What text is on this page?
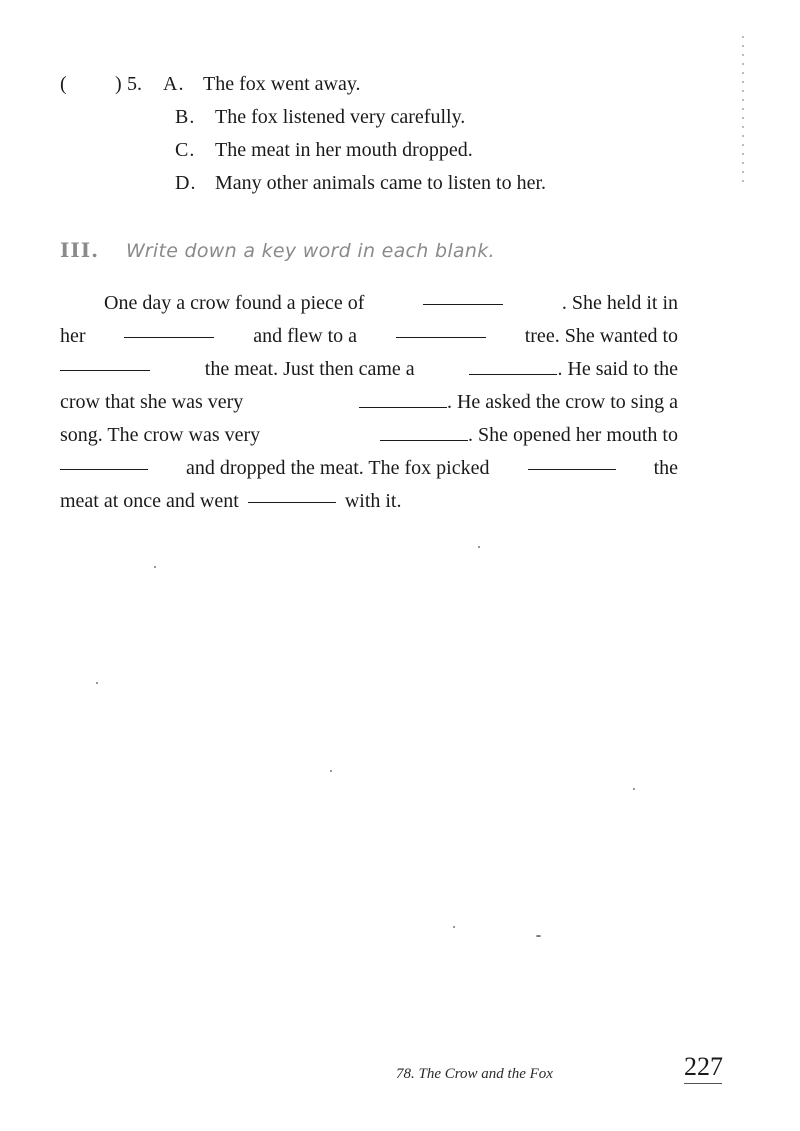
(	) 5.	A. The fox went away.
B. The fox listened very carefully.
C. The meat in her mouth dropped.
D. Many other animals came to listen to her.
III.	Write down a key word in each blank.
One day a crow found a piece of	. She held it in
her	and flew to a	tree. She wanted to
the meat. Just then came a	. He said to the
crow that she was very	. He asked the crow to sing a
song. The crow was very	. She opened her mouth to
and dropped the meat. The fox picked	the
meat at once and went	with it.
78. The Crow and the Fox	227
